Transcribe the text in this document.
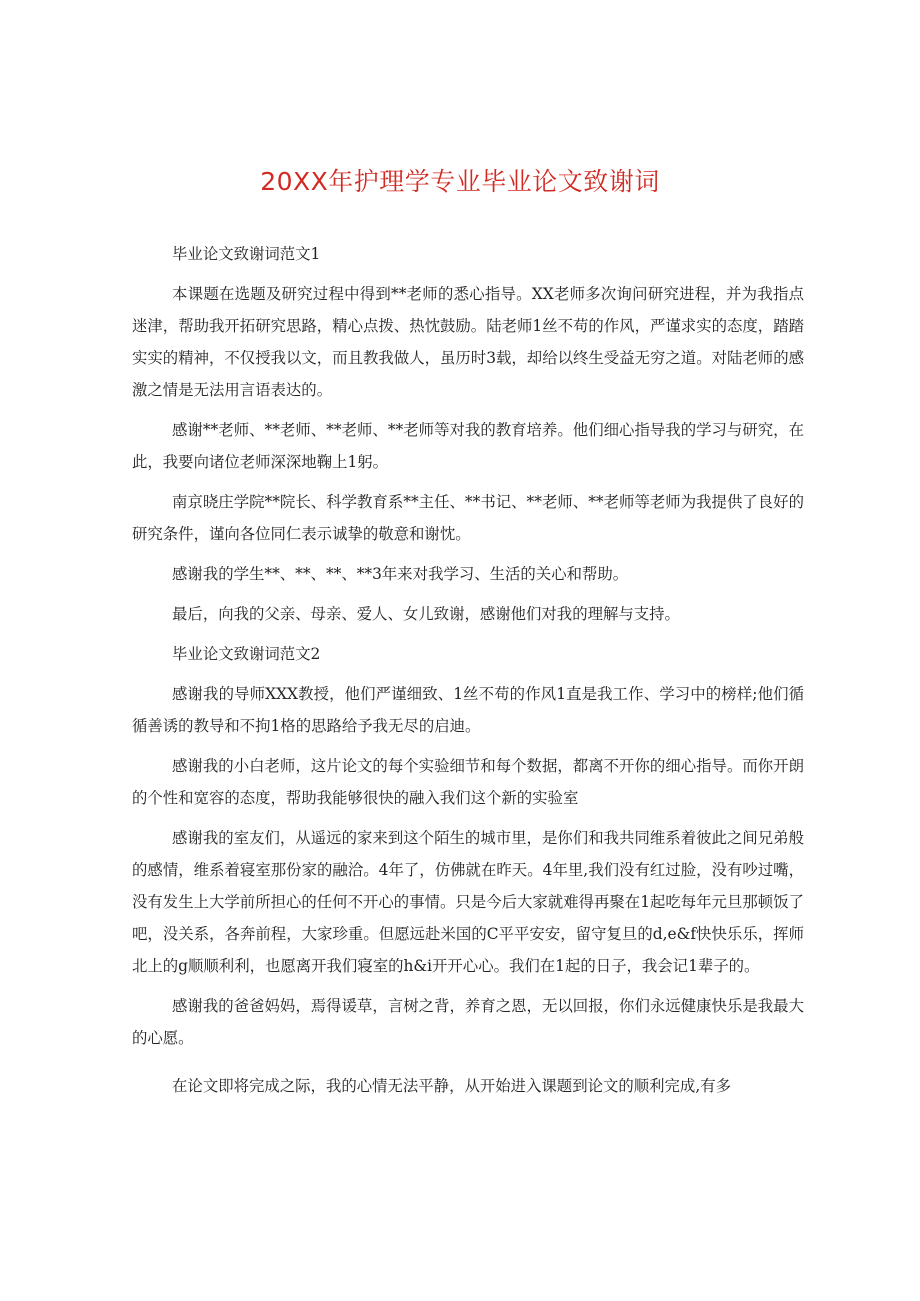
20XX年护理学专业毕业论文致谢词

毕业论文致谢词范文1

本课题在选题及研究过程中得到**老师的悉心指导。XX老师多次询问研究进程，并为我指点迷津，帮助我开拓研究思路，精心点拨、热忱鼓励。陆老师1丝不苟的作风，严谨求实的态度，踏踏实实的精神，不仅授我以文，而且教我做人，虽历时3载，却给以终生受益无穷之道。对陆老师的感激之情是无法用言语表达的。

感谢**老师、**老师、**老师、**老师等对我的教育培养。他们细心指导我的学习与研究，在此，我要向诸位老师深深地鞠上1躬。

南京晓庄学院**院长、科学教育系**主任、**书记、**老师、**老师等老师为我提供了良好的研究条件，谨向各位同仁表示诚挚的敬意和谢忱。

感谢我的学生**、**、**、**3年来对我学习、生活的关心和帮助。

最后，向我的父亲、母亲、爱人、女儿致谢，感谢他们对我的理解与支持。

毕业论文致谢词范文2

感谢我的导师XXX教授，他们严谨细致、1丝不苟的作风1直是我工作、学习中的榜样;他们循循善诱的教导和不拘1格的思路给予我无尽的启迪。

感谢我的小白老师，这片论文的每个实验细节和每个数据，都离不开你的细心指导。而你开朗的个性和宽容的态度，帮助我能够很快的融入我们这个新的实验室

感谢我的室友们，从遥远的家来到这个陌生的城市里，是你们和我共同维系着彼此之间兄弟般的感情，维系着寝室那份家的融洽。4年了，仿佛就在昨天。4年里,我们没有红过脸，没有吵过嘴，没有发生上大学前所担心的任何不开心的事情。只是今后大家就难得再聚在1起吃每年元旦那顿饭了吧，没关系，各奔前程，大家珍重。但愿远赴米国的C平平安安，留守复旦的d,e&f快快乐乐，挥师北上的g顺顺利利，也愿离开我们寝室的h&i开开心心。我们在1起的日子，我会记1辈子的。

感谢我的爸爸妈妈，焉得谖草，言树之背，养育之恩，无以回报，你们永远健康快乐是我最大的心愿。

在论文即将完成之际，我的心情无法平静，从开始进入课题到论文的顺利完成,有多
